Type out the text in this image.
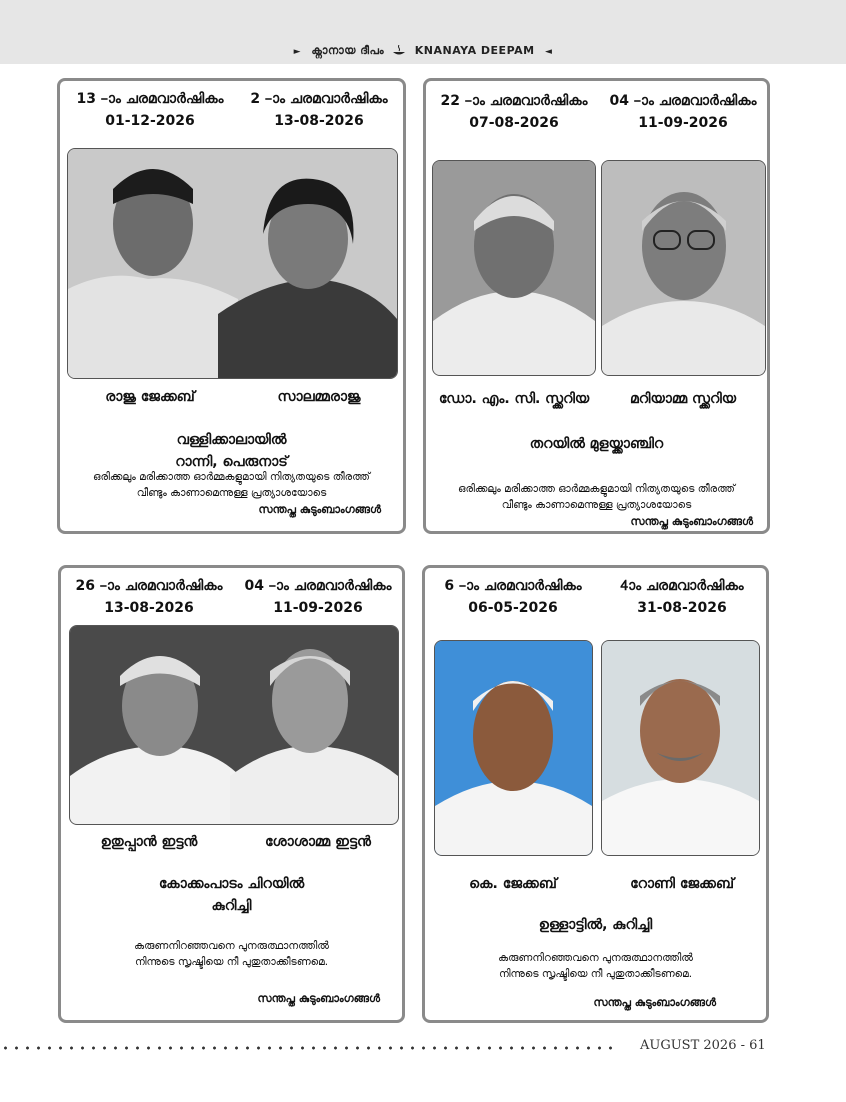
► ക്നാനായ ദീപം	KNANAYA DEEPAM ◄
13 –ാം ചരമവാർഷികം
01-12-2026
2 –ാം ചരമവാർഷികം
13-08-2026
രാജു ജേക്കബ്	സാലമ്മരാജു
വള്ളിക്കാലായിൽ
റാന്നി, പെരുനാട്
ഒരിക്കലും മരിക്കാത്ത ഓർമ്മകളുമായി നിത്യതയുടെ തീരത്ത്
വീണ്ടും കാണാമെന്നുള്ള പ്രത്യാശയോടെ
സന്തപ്ത കുടുംബാംഗങ്ങൾ
22 –ാം ചരമവാർഷികം
07-08-2026
04 –ാം ചരമവാർഷികം
11-09-2026
ഡോ. എം. സി. സ്ക്കറിയ	മറിയാമ്മ സ്ക്കറിയ
തറയിൽ മുളയ്ക്കാഞ്ചിറ
ഒരിക്കലും മരിക്കാത്ത ഓർമ്മകളുമായി നിത്യതയുടെ തീരത്ത്
വീണ്ടും കാണാമെന്നുള്ള പ്രത്യാശയോടെ
സന്തപ്ത കുടുംബാംഗങ്ങൾ
26 –ാം ചരമവാർഷികം
13-08-2026
04 –ാം ചരമവാർഷികം
11-09-2026
ഉതുപ്പാൻ ഇട്ടൻ	ശോശാമ്മ ഇട്ടൻ
കോക്കംപാടം ചിറയിൽ
കുറിച്ചി
കരുണനിറഞ്ഞവനെ പുനരുത്ഥാനത്തിൽ
നിന്നുടെ സൃഷ്ടിയെ നീ പുതുതാക്കീടണമെ.
സന്തപ്ത കുടുംബാംഗങ്ങൾ
6 –ാം ചരമവാർഷികം
06-05-2026
4ാം ചരമവാർഷികം
31-08-2026
കെ. ജേക്കബ്	റോണി ജേക്കബ്
ഉള്ളാട്ടിൽ, കുറിച്ചി
കരുണനിറഞ്ഞവനെ പുനരുത്ഥാനത്തിൽ
നിന്നുടെ സൃഷ്ടിയെ നീ പുതുതാക്കീടണമെ.
സന്തപ്ത കുടുംബാംഗങ്ങൾ
AUGUST 2026 - 61
